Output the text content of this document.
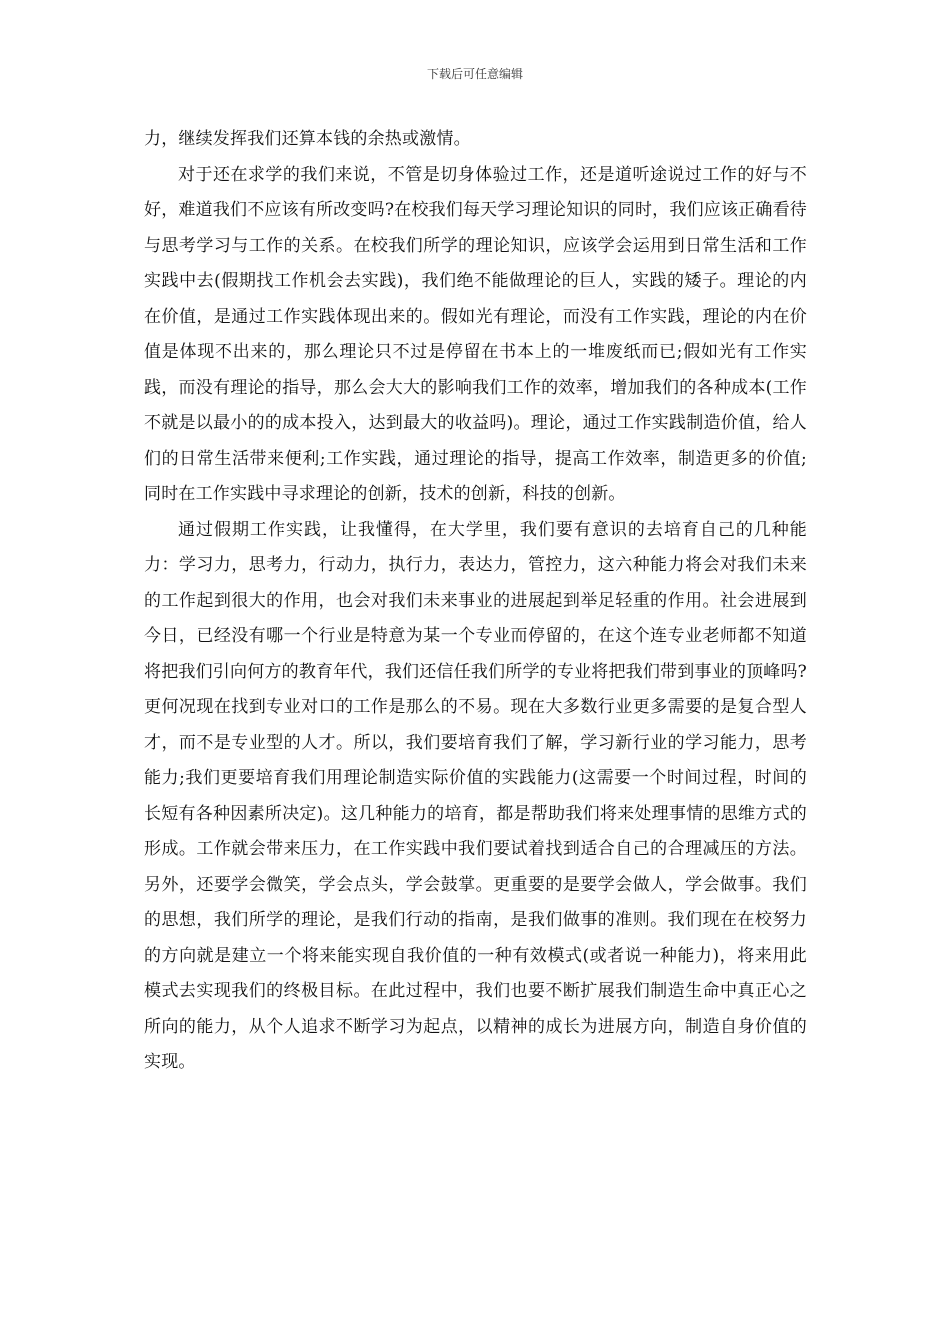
下载后可任意编辑

力，继续发挥我们还算本钱的余热或激情。

对于还在求学的我们来说，不管是切身体验过工作，还是道听途说过工作的好与不好，难道我们不应该有所改变吗?在校我们每天学习理论知识的同时，我们应该正确看待与思考学习与工作的关系。在校我们所学的理论知识，应该学会运用到日常生活和工作实践中去(假期找工作机会去实践)，我们绝不能做理论的巨人，实践的矮子。理论的内在价值，是通过工作实践体现出来的。假如光有理论，而没有工作实践，理论的内在价值是体现不出来的，那么理论只不过是停留在书本上的一堆废纸而已;假如光有工作实践，而没有理论的指导，那么会大大的影响我们工作的效率，增加我们的各种成本(工作不就是以最小的的成本投入，达到最大的收益吗)。理论，通过工作实践制造价值，给人们的日常生活带来便利;工作实践，通过理论的指导，提高工作效率，制造更多的价值;同时在工作实践中寻求理论的创新，技术的创新，科技的创新。

通过假期工作实践，让我懂得，在大学里，我们要有意识的去培育自己的几种能力：学习力，思考力，行动力，执行力，表达力，管控力，这六种能力将会对我们未来的工作起到很大的作用，也会对我们未来事业的进展起到举足轻重的作用。社会进展到今日，已经没有哪一个行业是特意为某一个专业而停留的，在这个连专业老师都不知道将把我们引向何方的教育年代，我们还信任我们所学的专业将把我们带到事业的顶峰吗?更何况现在找到专业对口的工作是那么的不易。现在大多数行业更多需要的是复合型人才，而不是专业型的人才。所以，我们要培育我们了解，学习新行业的学习能力，思考能力;我们更要培育我们用理论制造实际价值的实践能力(这需要一个时间过程，时间的长短有各种因素所决定)。这几种能力的培育，都是帮助我们将来处理事情的思维方式的形成。工作就会带来压力，在工作实践中我们要试着找到适合自己的合理减压的方法。另外，还要学会微笑，学会点头，学会鼓掌。更重要的是要学会做人，学会做事。我们的思想，我们所学的理论，是我们行动的指南，是我们做事的准则。我们现在在校努力的方向就是建立一个将来能实现自我价值的一种有效模式(或者说一种能力)，将来用此模式去实现我们的终极目标。在此过程中，我们也要不断扩展我们制造生命中真正心之所向的能力，从个人追求不断学习为起点，以精神的成长为进展方向，制造自身价值的实现。
